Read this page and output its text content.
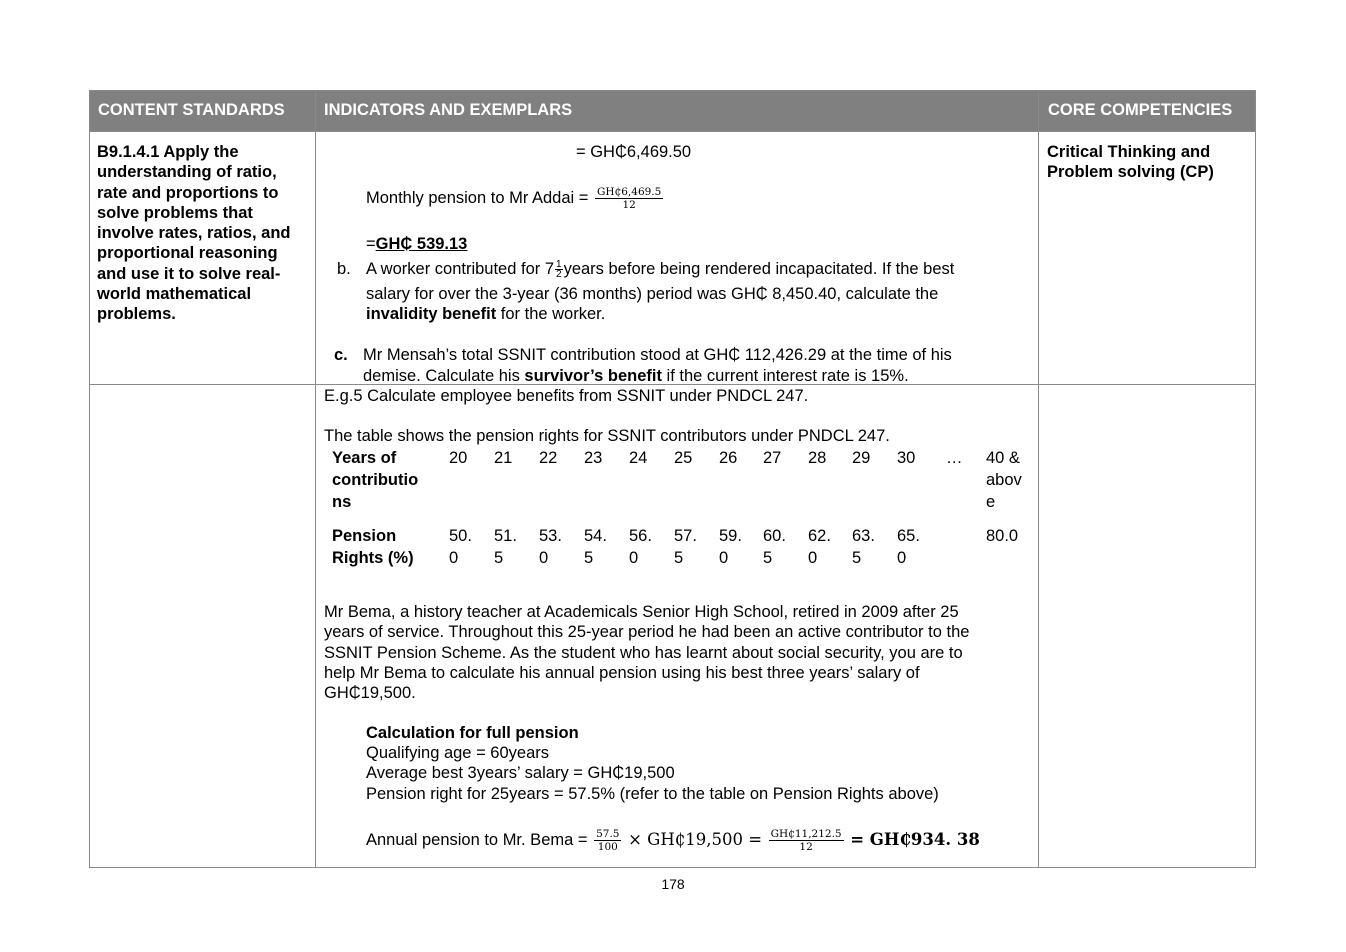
CONTENT STANDARDS INDICATORS AND EXEMPLARS	CORE COMPETENCIES
B9.1.4.1 Apply the
understanding of ratio,
rate and proportions to
solve problems that
involve rates, ratios, and
proportional reasoning
and use it to solve real-
world mathematical
problems.
Critical Thinking and
Problem solving (CP)
= GH₵6,469.50
Monthly pension to Mr Addai = $\frac{GH₵6,469.5}{12}$
=GH₵ 539.13
b. A worker contributed for $7 \frac{1}{2}$ years before being rendered incapacitated. If the best
salary for over the 3-year (36 months) period was GH₵ 8,450.40, calculate the
invalidity benefit for the worker.
c. Mr Mensah’s total SSNIT contribution stood at GH₵ 112,426.29 at the time of his
demise. Calculate his survivor’s benefit if the current interest rate is 15%.
E.g.5 Calculate employee benefits from SSNIT under PNDCL 247.
The table shows the pension rights for SSNIT contributors under PNDCL 247.
Years of
contributio
ns
Pension
Rights (%)
20 21 22 23 24 25 26 27 28 29 30 …
50.
0
51.
5
53.
0
54.
5
56.
0
57.
5
59.
0
60.
5
62.
0
63.
5
65.
0
40 &
abov
e
80.0
Mr Bema, a history teacher at Academicals Senior High School, retired in 2009 after 25
years of service. Throughout this 25-year period he had been an active contributor to the
SSNIT Pension Scheme. As the student who has learnt about social security, you are to
help Mr Bema to calculate his annual pension using his best three years’ salary of
GH₵19,500.
Calculation for full pension
Qualifying age = 60years
Average best 3years’ salary = GH₵19,500
Pension right for 25years = 57.5% (refer to the table on Pension Rights above)
Annual pension to Mr. Bema = $\frac{57.5}{100}$ × GH₵19,500 = $\frac{GH₵11,212.5}{12}$ = GH₵934. 38
178
